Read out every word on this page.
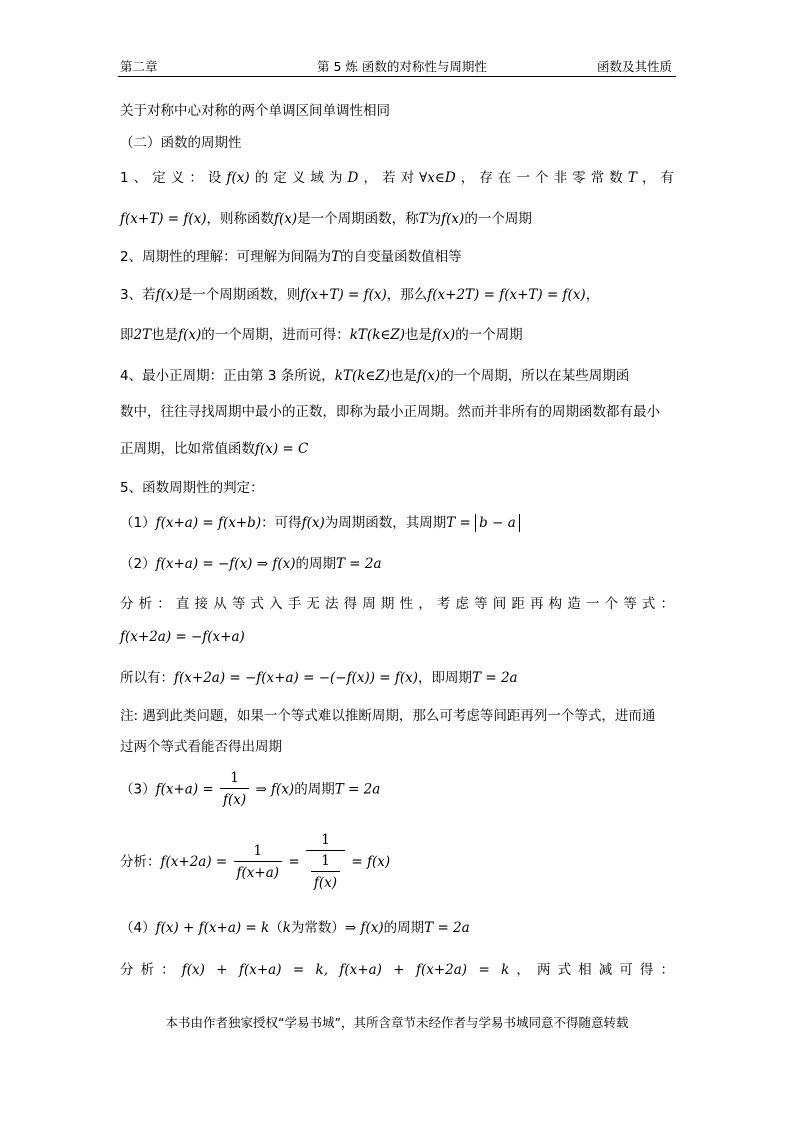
第二章	第 5 炼 函数的对称性与周期性	函数及其性质
关于对称中心对称的两个单调区间单调性相同
（二）函数的周期性
1、定义：设f(x)的定义域为D，若对∀x∈D，存在一个非零常数T，有
f(x+T) = f(x)，则称函数f(x)是一个周期函数，称T为f(x)的一个周期
2、周期性的理解：可理解为间隔为T的自变量函数值相等
3、若f(x)是一个周期函数，则f(x+T) = f(x)，那么f(x+2T) = f(x+T) = f(x)，
即2T也是f(x)的一个周期，进而可得：kT(k∈Z)也是f(x)的一个周期
4、最小正周期：正由第 3 条所说，kT(k∈Z)也是f(x)的一个周期，所以在某些周期函
数中，往往寻找周期中最小的正数，即称为最小正周期。然而并非所有的周期函数都有最小
正周期，比如常值函数f(x) = C
5、函数周期性的判定：
（1）f(x+a) = f(x+b)：可得f(x)为周期函数，其周期T = b − a
（2）f(x+a) = −f(x) ⇒ f(x)的周期T = 2a
分析：直接从等式入手无法得周期性，考虑等间距再构造一个等式：
f(x+2a) = −f(x+a)
所以有：f(x+2a) = −f(x+a) = −(−f(x)) = f(x)，即周期T = 2a
注: 遇到此类问题，如果一个等式难以推断周期，那么可考虑等间距再列一个等式，进而通
过两个等式看能否得出周期
$(3)f(x+a) = \frac{1}{f(x)}$ ⇒ f(x)的周期T = 2a
分析：$f(x+2a) = \frac{1}{f(x+a)} = \frac{1}{\frac{1}{f(x)}} = f(x)$
（4）f(x) + f(x+a) = k（k为常数）⇒ f(x)的周期T = 2a
分析：f(x) + f(x+a) = k, f(x+a) + f(x+2a) = k，两式相减可得：
本书由作者独家授权“学易书城”，其所含章节未经作者与学易书城同意不得随意转载
